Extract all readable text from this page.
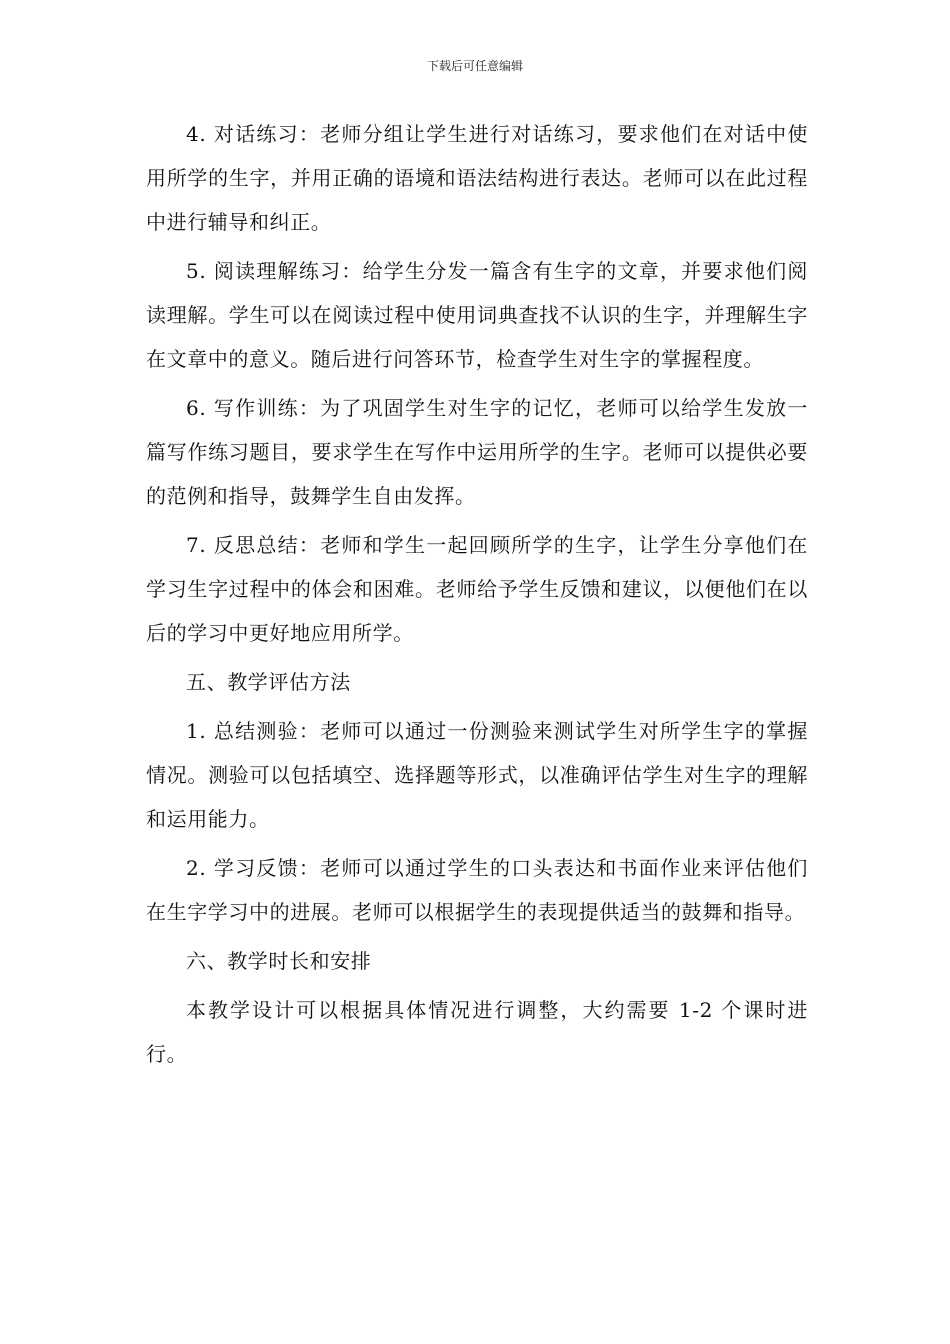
下载后可任意编辑

4. 对话练习：老师分组让学生进行对话练习，要求他们在对话中使用所学的生字，并用正确的语境和语法结构进行表达。老师可以在此过程中进行辅导和纠正。

5. 阅读理解练习：给学生分发一篇含有生字的文章，并要求他们阅读理解。学生可以在阅读过程中使用词典查找不认识的生字，并理解生字在文章中的意义。随后进行问答环节，检查学生对生字的掌握程度。

6. 写作训练：为了巩固学生对生字的记忆，老师可以给学生发放一篇写作练习题目，要求学生在写作中运用所学的生字。老师可以提供必要的范例和指导，鼓舞学生自由发挥。

7. 反思总结：老师和学生一起回顾所学的生字，让学生分享他们在学习生字过程中的体会和困难。老师给予学生反馈和建议，以便他们在以后的学习中更好地应用所学。

五、教学评估方法

1. 总结测验：老师可以通过一份测验来测试学生对所学生字的掌握情况。测验可以包括填空、选择题等形式，以准确评估学生对生字的理解和运用能力。

2. 学习反馈：老师可以通过学生的口头表达和书面作业来评估他们在生字学习中的进展。老师可以根据学生的表现提供适当的鼓舞和指导。

六、教学时长和安排

本教学设计可以根据具体情况进行调整，大约需要 1-2 个课时进行。
